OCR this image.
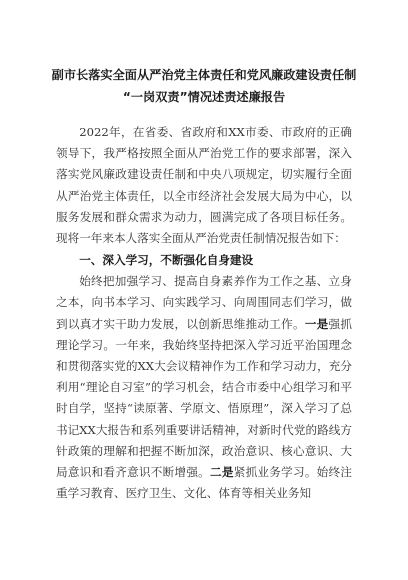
副市长落实全面从严治党主体责任和党风廉政建设责任制
“一岗双责”情况述责述廉报告

2022年，在省委、省政府和XX市委、市政府的正确领导下，我严格按照全面从严治党工作的要求部署，深入落实党风廉政建设责任制和中央八项规定，切实履行全面从严治党主体责任，以全市经济社会发展大局为中心，以服务发展和群众需求为动力，圆满完成了各项目标任务。现将一年来本人落实全面从严治党责任制情况报告如下：

一、深入学习，不断强化自身建设

始终把加强学习、提高自身素养作为工作之基、立身之本，向书本学习、向实践学习、向周围同志们学习，做到以真才实干助力发展，以创新思维推动工作。一是强抓理论学习。一年来，我始终坚持把深入学习近平治国理念和贯彻落实党的XX大会议精神作为工作和学习动力，充分利用“理论自习室”的学习机会，结合市委中心组学习和平时自学，坚持“读原著、学原文、悟原理”，深入学习了总书记XX大报告和系列重要讲话精神，对新时代党的路线方针政策的理解和把握不断加深，政治意识、核心意识、大局意识和看齐意识不断增强。二是紧抓业务学习。始终注重学习教育、医疗卫生、文化、体育等相关业务知
